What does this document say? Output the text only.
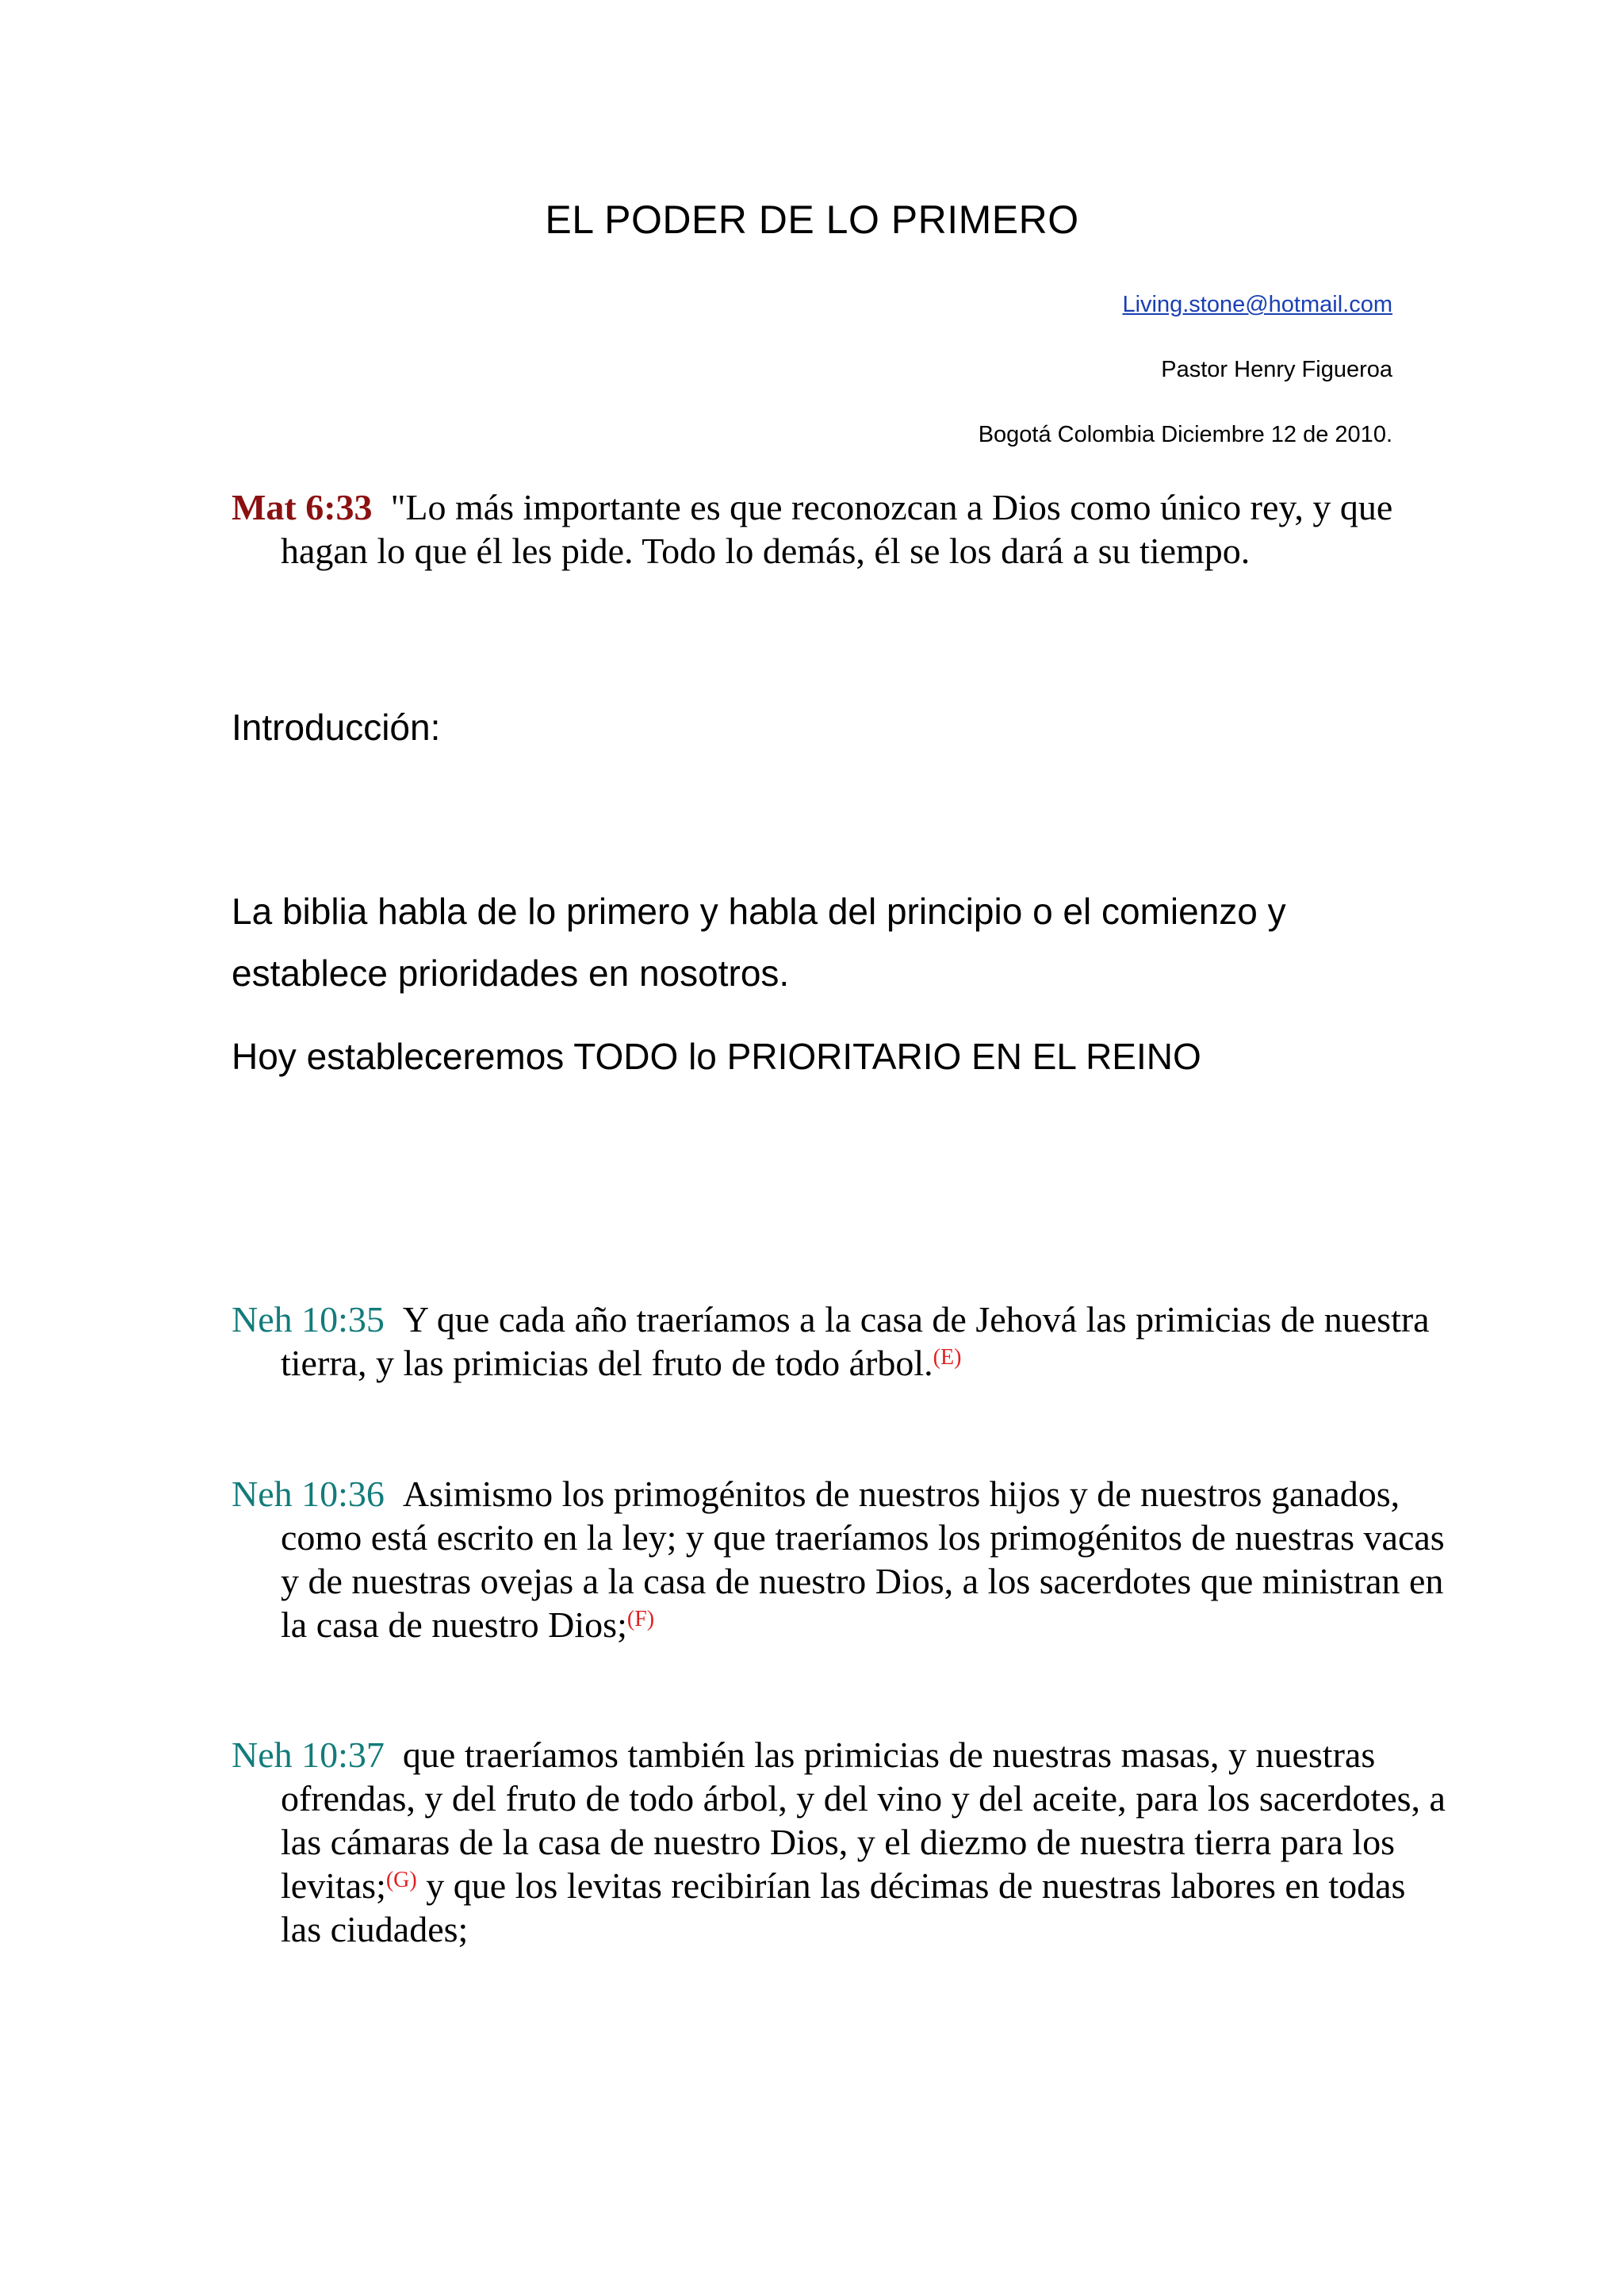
EL PODER DE LO PRIMERO
Living.stone@hotmail.com
Pastor Henry Figueroa
Bogotá Colombia Diciembre 12 de 2010.

Mat 6:33 "Lo más importante es que reconozcan a Dios como único rey, y que hagan lo que él les pide. Todo lo demás, él se los dará a su tiempo.

Introducción:

La biblia habla de lo primero y habla del principio o el comienzo y establece prioridades en nosotros.

Hoy estableceremos TODO lo PRIORITARIO EN EL REINO

Neh 10:35 Y que cada año traeríamos a la casa de Jehová las primicias de nuestra tierra, y las primicias del fruto de todo árbol.$^{(E)}$

Neh 10:36 Asimismo los primogénitos de nuestros hijos y de nuestros ganados, como está escrito en la ley; y que traeríamos los primogénitos de nuestras vacas y de nuestras ovejas a la casa de nuestro Dios, a los sacerdotes que ministran en la casa de nuestro Dios;$^{(F)}$

Neh 10:37 que traeríamos también las primicias de nuestras masas, y nuestras ofrendas, y del fruto de todo árbol, y del vino y del aceite, para los sacerdotes, a las cámaras de la casa de nuestro Dios, y el diezmo de nuestra tierra para los levitas;$^{(G)}$ y que los levitas recibirían las décimas de nuestras labores en todas las ciudades;
